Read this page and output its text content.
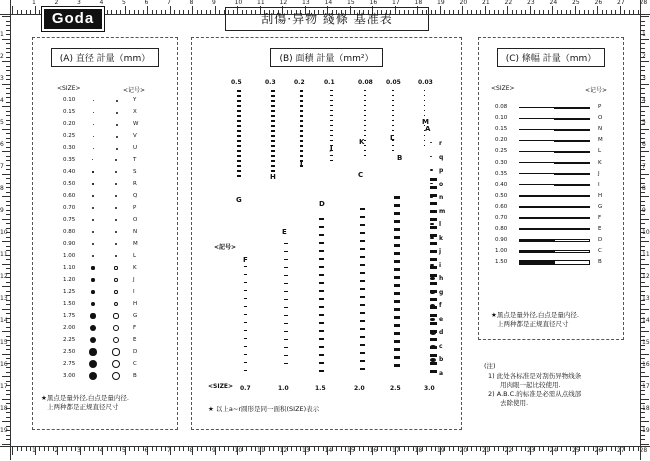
1	2	3	4	5	6	7	8	9	10 11 12 13 14 15 16 17 18 19 20 21 22 23 24 25 26 27 28
1	2	3	4	5	6	7	8	9	10 11 12 13 14 15 16 17 18 19 20 21 22 23 24 25 26 27 28
1
2
3
4
5
6
7
8
9
10
11
12
13
14
15
16
17
18
19
1
2
3
4
5
6
7
8
9
10
11
12
13
14
15
16
17
18
19
Goda	刮傷·异物 綫條 基准表
(A) 直径 計量（mm）
<SIZE>	<记号>
0.10	Y
0.15	X
0.20	W
0.25	V
0.30	U
0.35	T
0.40	S
0.50	R
0.60	Q
0.70	P
0.75	O
0.80	N
0.90	M
1.00	L
1.10	K
1.20	J
1.25	I
1.50	H
1.75	G
2.00	F
2.25	E
2.50	D
2.75	C
3.00	B
★黑点是量外径,白点是量内径.
上两种都是正规直径尺寸
(B) 面積 計量（mm²）
0.5	0.3	0.2	0.1	0.08 0.05	0.03
0.7	1.0	1.5	2.0	2.5	3.0
A
B
C
D
E
F
G
H
I
J
K	L
M
r
q
p
o
n
m
l
k
j
i
h
g
f
e
d
c
b
a
<SIZE>
<記号>
★ 以上a~r圆形是同一面积(SIZE)表示
(C) 條幅 計量（mm）
<SIZE>	<记号>
0.08	P
0.10	O
0.15	N
0.20	M
0.25	L
0.30	K
0.35	J
0.40	I
0.50	H
0.60	G
0.70	F
0.80	E
0.90	D
1.00	C
1.50	B
★黑点是量外径,白点是量内径.
上两种都是正规直径尺寸
(注)
1) 此处各标准是对刮伤异物线条
用肉眼一起比较使用.
2) A.B.C.的标准是必需从点线部
去除使用.
